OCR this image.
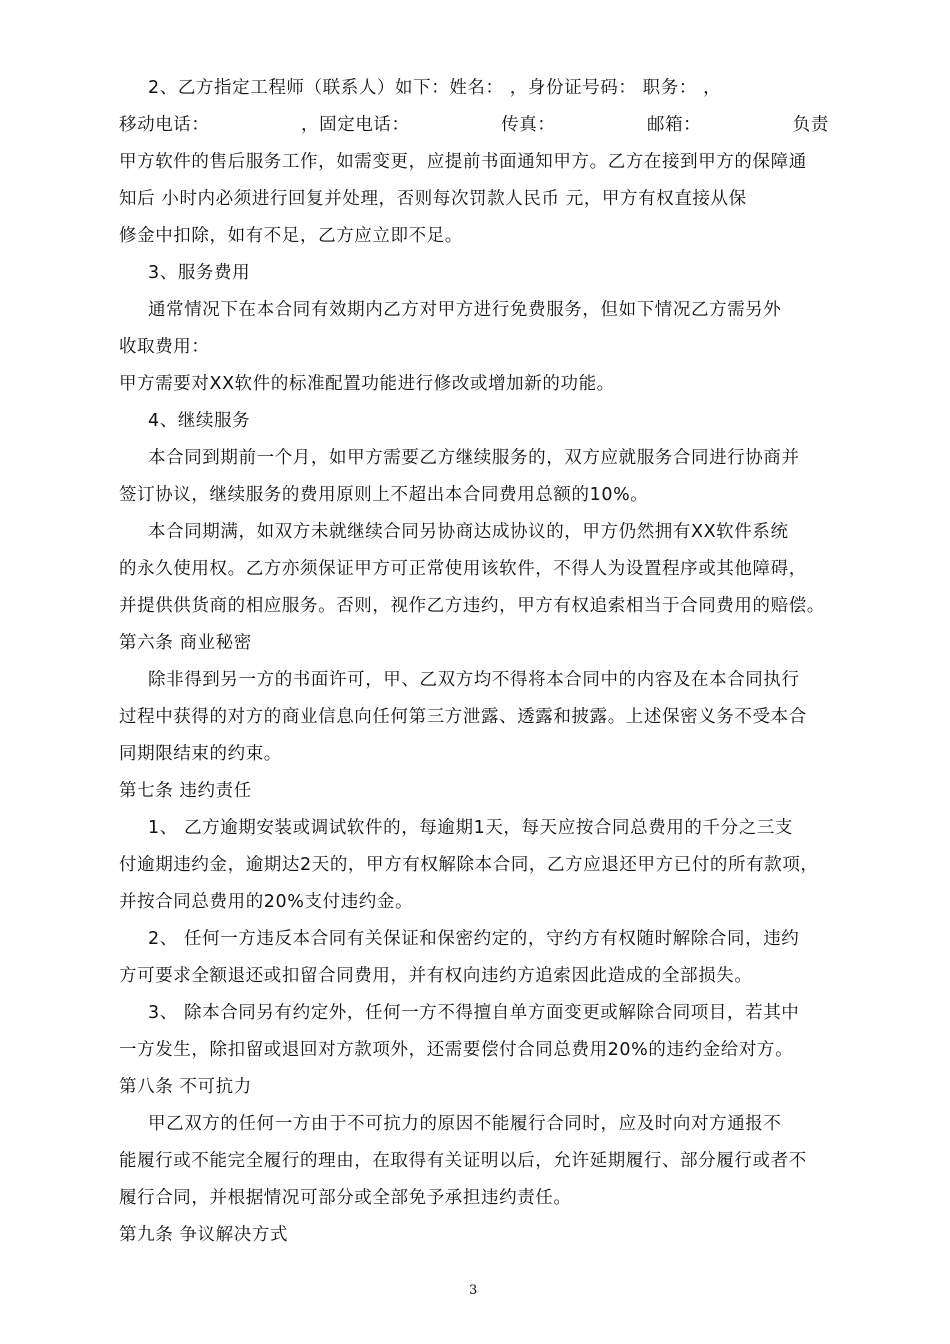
2、乙方指定工程师（联系人）如下：姓名： ，身份证号码： 职务： ，
移动电话：	，固定电话：	传真：	邮箱：	负责
甲方软件的售后服务工作，如需变更，应提前书面通知甲方。乙方在接到甲方的保障通
知后 小时内必须进行回复并处理，否则每次罚款人民币 元，甲方有权直接从保
修金中扣除，如有不足，乙方应立即不足。
3、服务费用
通常情况下在本合同有效期内乙方对甲方进行免费服务，但如下情况乙方需另外
收取费用：
甲方需要对XX软件的标准配置功能进行修改或增加新的功能。
4、继续服务
本合同到期前一个月，如甲方需要乙方继续服务的，双方应就服务合同进行协商并
签订协议，继续服务的费用原则上不超出本合同费用总额的10%。
本合同期满，如双方未就继续合同另协商达成协议的，甲方仍然拥有XX软件系统
的永久使用权。乙方亦须保证甲方可正常使用该软件，不得人为设置程序或其他障碍，
并提供供货商的相应服务。否则，视作乙方违约，甲方有权追索相当于合同费用的赔偿。
第六条 商业秘密
除非得到另一方的书面许可，甲、乙双方均不得将本合同中的内容及在本合同执行
过程中获得的对方的商业信息向任何第三方泄露、透露和披露。上述保密义务不受本合
同期限结束的约束。
第七条 违约责任
1、 乙方逾期安装或调试软件的，每逾期1天，每天应按合同总费用的千分之三支
付逾期违约金，逾期达2天的，甲方有权解除本合同，乙方应退还甲方已付的所有款项，
并按合同总费用的20%支付违约金。
2、 任何一方违反本合同有关保证和保密约定的，守约方有权随时解除合同，违约
方可要求全额退还或扣留合同费用，并有权向违约方追索因此造成的全部损失。
3、 除本合同另有约定外，任何一方不得擅自单方面变更或解除合同项目，若其中
一方发生，除扣留或退回对方款项外，还需要偿付合同总费用20%的违约金给对方。
第八条 不可抗力
甲乙双方的任何一方由于不可抗力的原因不能履行合同时，应及时向对方通报不
能履行或不能完全履行的理由，在取得有关证明以后，允许延期履行、部分履行或者不
履行合同，并根据情况可部分或全部免予承担违约责任。
第九条 争议解决方式
3
